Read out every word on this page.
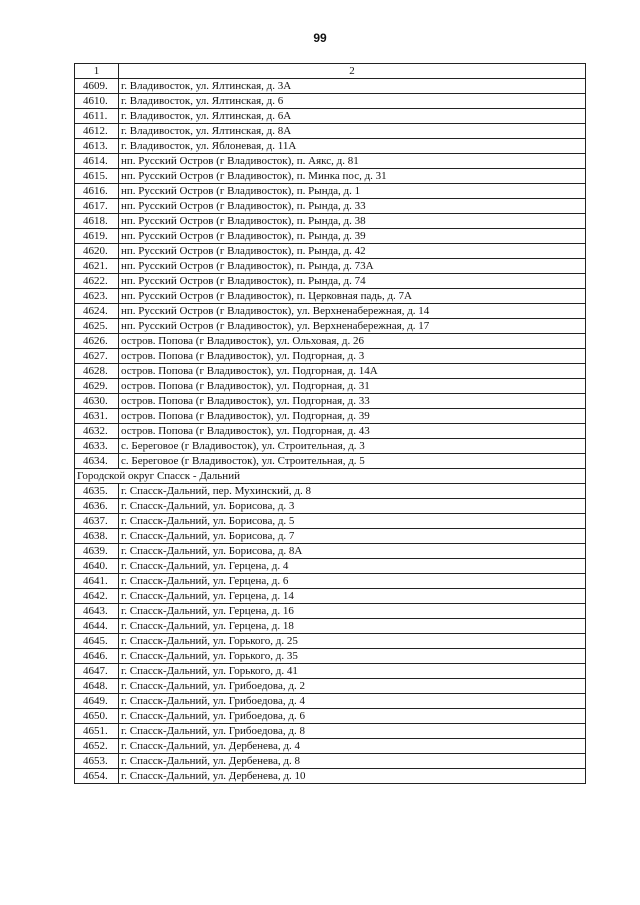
99
1	2
4609.	г. Владивосток, ул. Ялтинская, д. 3А
4610.	г. Владивосток, ул. Ялтинская, д. 6
4611.	г. Владивосток, ул. Ялтинская, д. 6А
4612.	г. Владивосток, ул. Ялтинская, д. 8А
4613.	г. Владивосток, ул. Яблоневая, д. 11А
4614.	нп. Русский Остров (г Владивосток), п. Аякс, д. 81
4615.	нп. Русский Остров (г Владивосток), п. Минка пос, д. 31
4616.	нп. Русский Остров (г Владивосток), п. Рында, д. 1
4617.	нп. Русский Остров (г Владивосток), п. Рында, д. 33
4618.	нп. Русский Остров (г Владивосток), п. Рында, д. 38
4619.	нп. Русский Остров (г Владивосток), п. Рында, д. 39
4620.	нп. Русский Остров (г Владивосток), п. Рында, д. 42
4621.	нп. Русский Остров (г Владивосток), п. Рында, д. 73А
4622.	нп. Русский Остров (г Владивосток), п. Рында, д. 74
4623.	нп. Русский Остров (г Владивосток), п. Церковная падь, д. 7А
4624.	нп. Русский Остров (г Владивосток), ул. Верхненабережная, д. 14
4625.	нп. Русский Остров (г Владивосток), ул. Верхненабережная, д. 17
4626.	остров. Попова (г Владивосток), ул. Ольховая, д. 26
4627.	остров. Попова (г Владивосток), ул. Подгорная, д. 3
4628.	остров. Попова (г Владивосток), ул. Подгорная, д. 14А
4629.	остров. Попова (г Владивосток), ул. Подгорная, д. 31
4630.	остров. Попова (г Владивосток), ул. Подгорная, д. 33
4631.	остров. Попова (г Владивосток), ул. Подгорная, д. 39
4632.	остров. Попова (г Владивосток), ул. Подгорная, д. 43
4633.	с. Береговое (г Владивосток), ул. Строительная, д. 3
4634.	с. Береговое (г Владивосток), ул. Строительная, д. 5
Городской округ Спасск - Дальний	
4635.	г. Спасск-Дальний, пер. Мухинский, д. 8
4636.	г. Спасск-Дальний, ул. Борисова, д. 3
4637.	г. Спасск-Дальний, ул. Борисова, д. 5
4638.	г. Спасск-Дальний, ул. Борисова, д. 7
4639.	г. Спасск-Дальний, ул. Борисова, д. 8А
4640.	г. Спасск-Дальний, ул. Герцена, д. 4
4641.	г. Спасск-Дальний, ул. Герцена, д. 6
4642.	г. Спасск-Дальний, ул. Герцена, д. 14
4643.	г. Спасск-Дальний, ул. Герцена, д. 16
4644.	г. Спасск-Дальний, ул. Герцена, д. 18
4645.	г. Спасск-Дальний, ул. Горького, д. 25
4646.	г. Спасск-Дальний, ул. Горького, д. 35
4647.	г. Спасск-Дальний, ул. Горького, д. 41
4648.	г. Спасск-Дальний, ул. Грибоедова, д. 2
4649.	г. Спасск-Дальний, ул. Грибоедова, д. 4
4650.	г. Спасск-Дальний, ул. Грибоедова, д. 6
4651.	г. Спасск-Дальний, ул. Грибоедова, д. 8
4652.	г. Спасск-Дальний, ул. Дербенева, д. 4
4653.	г. Спасск-Дальний, ул. Дербенева, д. 8
4654.	г. Спасск-Дальний, ул. Дербенева, д. 10
